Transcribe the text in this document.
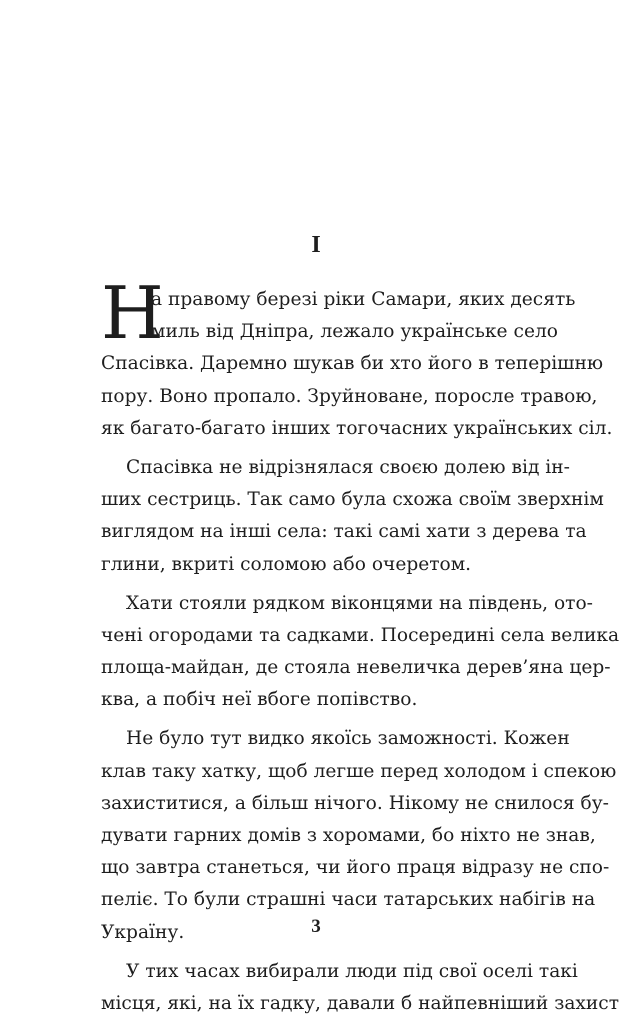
I
Н
а правому березі ріки Самари, яких десять
миль від Дніпра, лежало українське село
Спасівка. Даремно шукав би хто його в теперішню
пору. Воно пропало. Зруйноване, поросле травою,
як багато-багато інших тогочасних українських сіл.
Спасівка не відрізнялася своєю долею від ін-
ших сестриць. Так само була схожа своїм зверхнім
виглядом на інші села: такі самі хати з дерева та
глини, вкриті соломою або очеретом.
Хати стояли рядком віконцями на південь, ото-
чені огородами та садками. Посередині села велика
площа-майдан, де стояла невеличка дерев’яна цер-
ква, а побіч неї вбоге попівство.
Не було тут видко якоїсь заможності. Кожен
клав таку хатку, щоб легше перед холодом і спекою
захиститися, а більш нічого. Нікому не снилося бу-
дувати гарних домів з хоромами, бо ніхто не знав,
що завтра станеться, чи його праця відразу не спо-
пеліє. То були страшні часи татарських набігів на
Україну.
У тих часах вибирали люди під свої оселі такі
місця, які, на їх гадку, давали б найпевніший захист
3
